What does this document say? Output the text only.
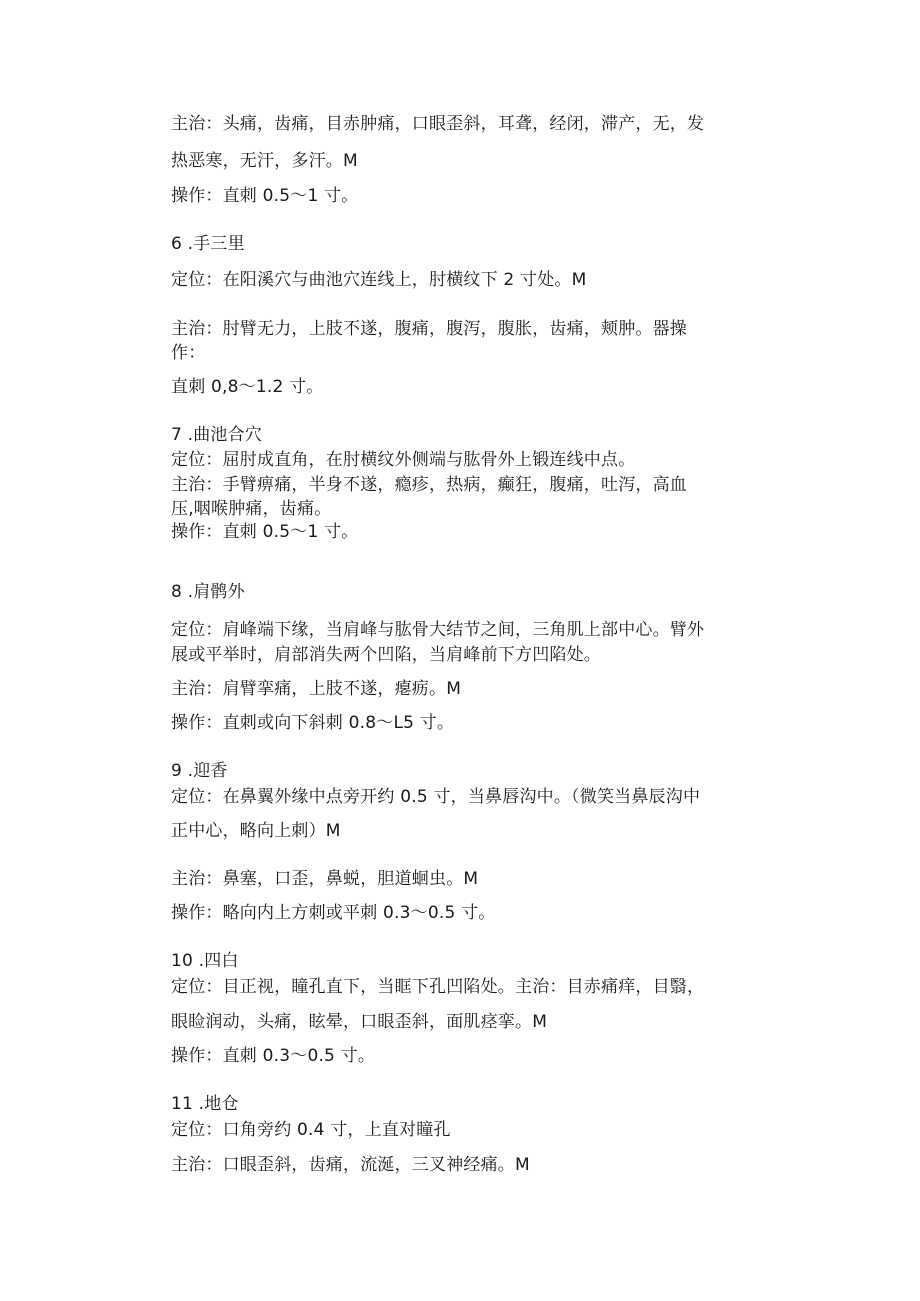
主治：头痛，齿痛，目赤肿痛，口眼歪斜，耳聋，经闭，滞产，无，发

热恶寒，无汗，多汗。M

操作：直刺 0.5～1 寸。

6 .手三里

定位：在阳溪穴与曲池穴连线上，肘横纹下 2 寸处。M

主治：肘臂无力，上肢不遂，腹痛，腹泻，腹胀，齿痛，颊肿。器操

作：

直刺 0,8～1.2 寸。

7 .曲池合穴

定位：屈肘成直角，在肘横纹外侧端与肱骨外上锻连线中点。

主治：手臂痹痛，半身不遂，瘾疹，热病，癫狂，腹痛，吐泻，高血

压,咽喉肿痛，齿痛。

操作：直刺 0.5～1 寸。

8 .肩鹘外

定位：肩峰端下缘，当肩峰与肱骨大结节之间，三角肌上部中心。臂外

展或平举时，肩部消失两个凹陷，当肩峰前下方凹陷处。

主治：肩臂挛痛，上肢不遂，瘪疬。M

操作：直刺或向下斜刺 0.8～L5 寸。

9 .迎香

定位：在鼻翼外缘中点旁开约 0.5 寸，当鼻唇沟中。（微笑当鼻辰沟中

正中心，略向上刺）M

主治：鼻塞，口歪，鼻蜕，胆道蛔虫。M

操作：略向内上方刺或平刺 0.3～0.5 寸。

10 .四白

定位：目正视，瞳孔直下，当眶下孔凹陷处。主治：目赤痛痒，目翳，

眼睑润动，头痛，眩晕，口眼歪斜，面肌痉挛。M

操作：直刺 0.3～0.5 寸。

11 .地仓

定位：口角旁约 0.4 寸，上直对瞳孔

主治：口眼歪斜，齿痛，流涎，三叉神经痛。M
